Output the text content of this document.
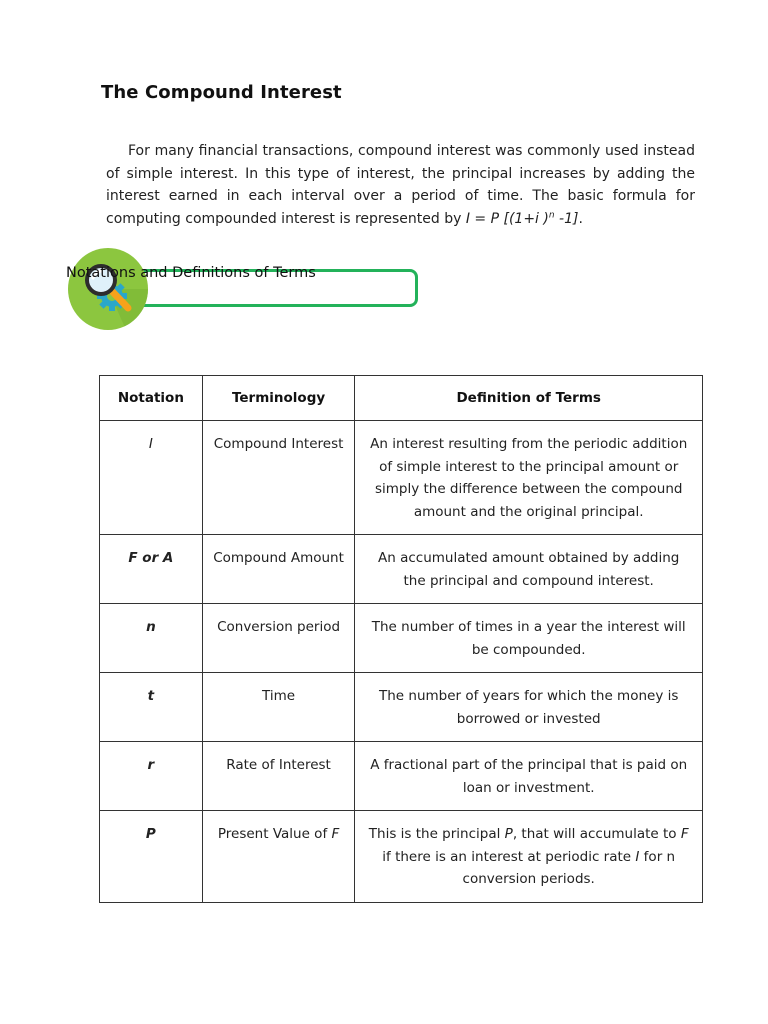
The Compound Interest

For many financial transactions, compound interest was commonly used instead of simple interest. In this type of interest, the principal increases by adding the interest earned in each interval over a period of time. The basic formula for computing compounded interest is represented by I = P [(1+i )$^n$ -1].

Notations and Definitions of Terms
Notation	Terminology	Definition of Terms
I	Compound Interest	An interest resulting from the periodic addition of simple interest to the principal amount or simply the difference between the compound amount and the original principal.
F or A	Compound Amount	An accumulated amount obtained by adding the principal and compound interest.
n	Conversion period	The number of times in a year the interest will be compounded.
t	Time	The number of years for which the money is borrowed or invested
r	Rate of Interest	A fractional part of the principal that is paid on loan or investment.
P	Present Value of F	This is the principal P, that will accumulate to F if there is an interest at periodic rate I for n conversion periods.
